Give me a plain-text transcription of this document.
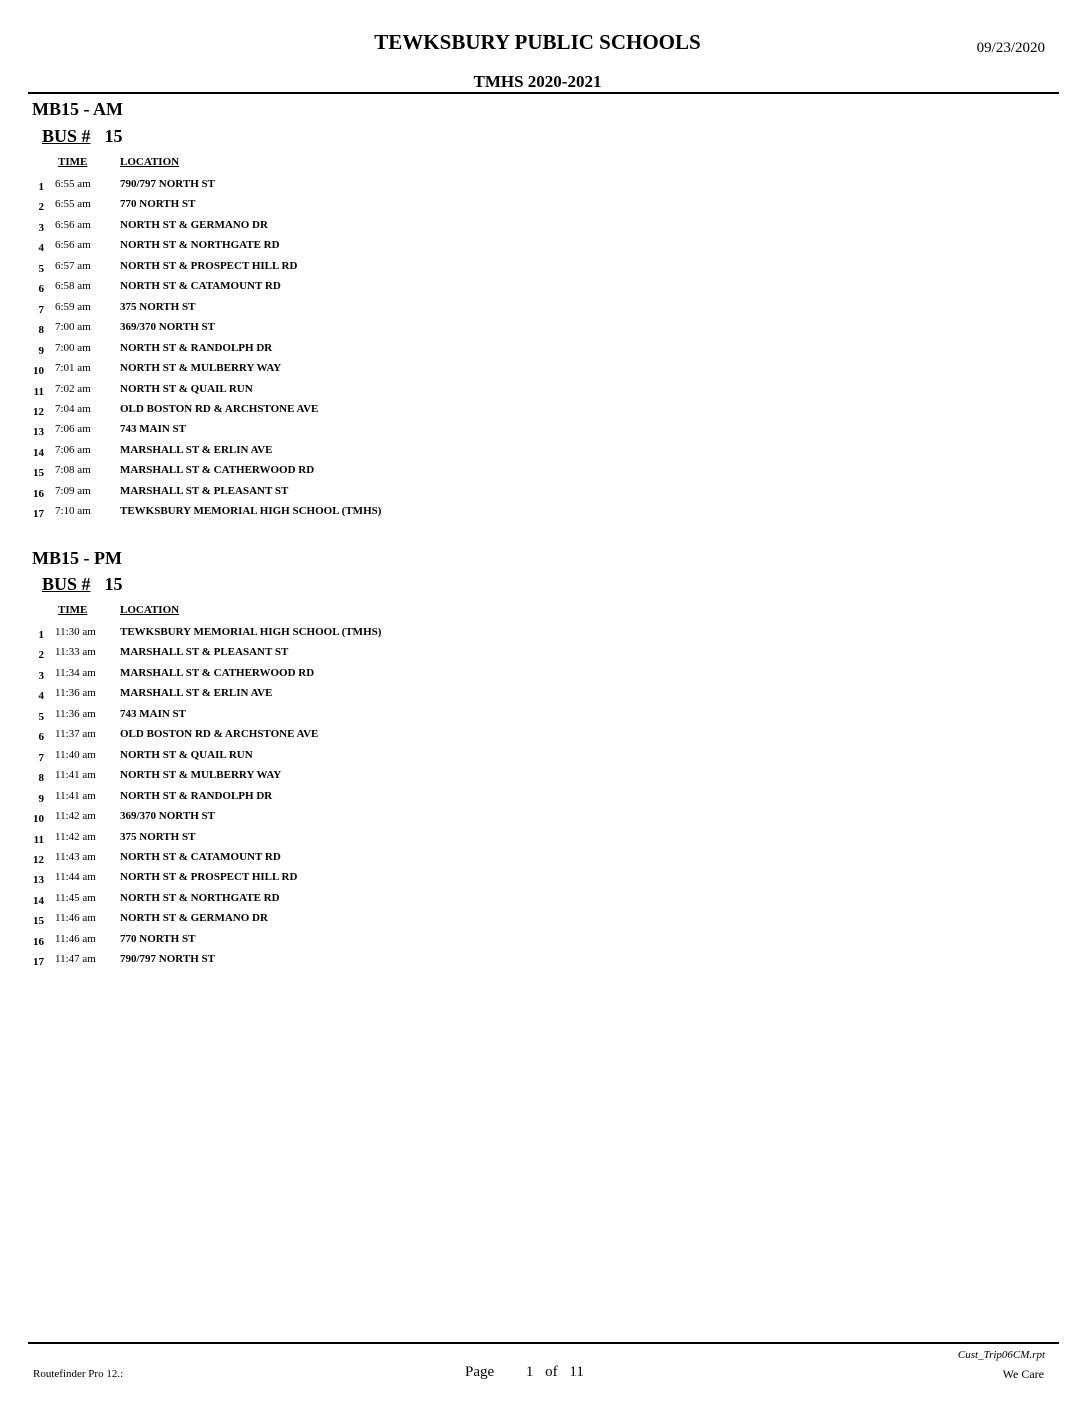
TEWKSBURY PUBLIC SCHOOLS	09/23/2020
TMHS 2020-2021
MB15 - AM
BUS # 15
TIME	LOCATION
1 6:55 am	790/797 NORTH ST
2 6:55 am	770 NORTH ST
3 6:56 am	NORTH ST & GERMANO DR
4 6:56 am	NORTH ST & NORTHGATE RD
5 6:57 am	NORTH ST & PROSPECT HILL RD
6 6:58 am	NORTH ST & CATAMOUNT RD
7 6:59 am	375 NORTH ST
8 7:00 am	369/370 NORTH ST
9 7:00 am	NORTH ST & RANDOLPH DR
10 7:01 am	NORTH ST & MULBERRY WAY
11 7:02 am	NORTH ST & QUAIL RUN
12 7:04 am	OLD BOSTON RD & ARCHSTONE AVE
13 7:06 am	743 MAIN ST
14 7:06 am	MARSHALL ST & ERLIN AVE
15 7:08 am	MARSHALL ST & CATHERWOOD RD
16 7:09 am	MARSHALL ST & PLEASANT ST
17 7:10 am	TEWKSBURY MEMORIAL HIGH SCHOOL (TMHS)
MB15 - PM
BUS # 15
TIME	LOCATION
1 11:30 am TEWKSBURY MEMORIAL HIGH SCHOOL (TMHS)
2 11:33 am MARSHALL ST & PLEASANT ST
3 11:34 am MARSHALL ST & CATHERWOOD RD
4 11:36 am MARSHALL ST & ERLIN AVE
5 11:36 am 743 MAIN ST
6 11:37 am OLD BOSTON RD & ARCHSTONE AVE
7 11:40 am NORTH ST & QUAIL RUN
8 11:41 am NORTH ST & MULBERRY WAY
9 11:41 am NORTH ST & RANDOLPH DR
10 11:42 am 369/370 NORTH ST
11 11:42 am 375 NORTH ST
12 11:43 am NORTH ST & CATAMOUNT RD
13 11:44 am NORTH ST & PROSPECT HILL RD
14 11:45 am NORTH ST & NORTHGATE RD
15 11:46 am NORTH ST & GERMANO DR
16 11:46 am 770 NORTH ST
17 11:47 am 790/797 NORTH ST
Cust_Trip06CM.rpt
Routefinder Pro 12.:	Page 1 of 11	We Care
